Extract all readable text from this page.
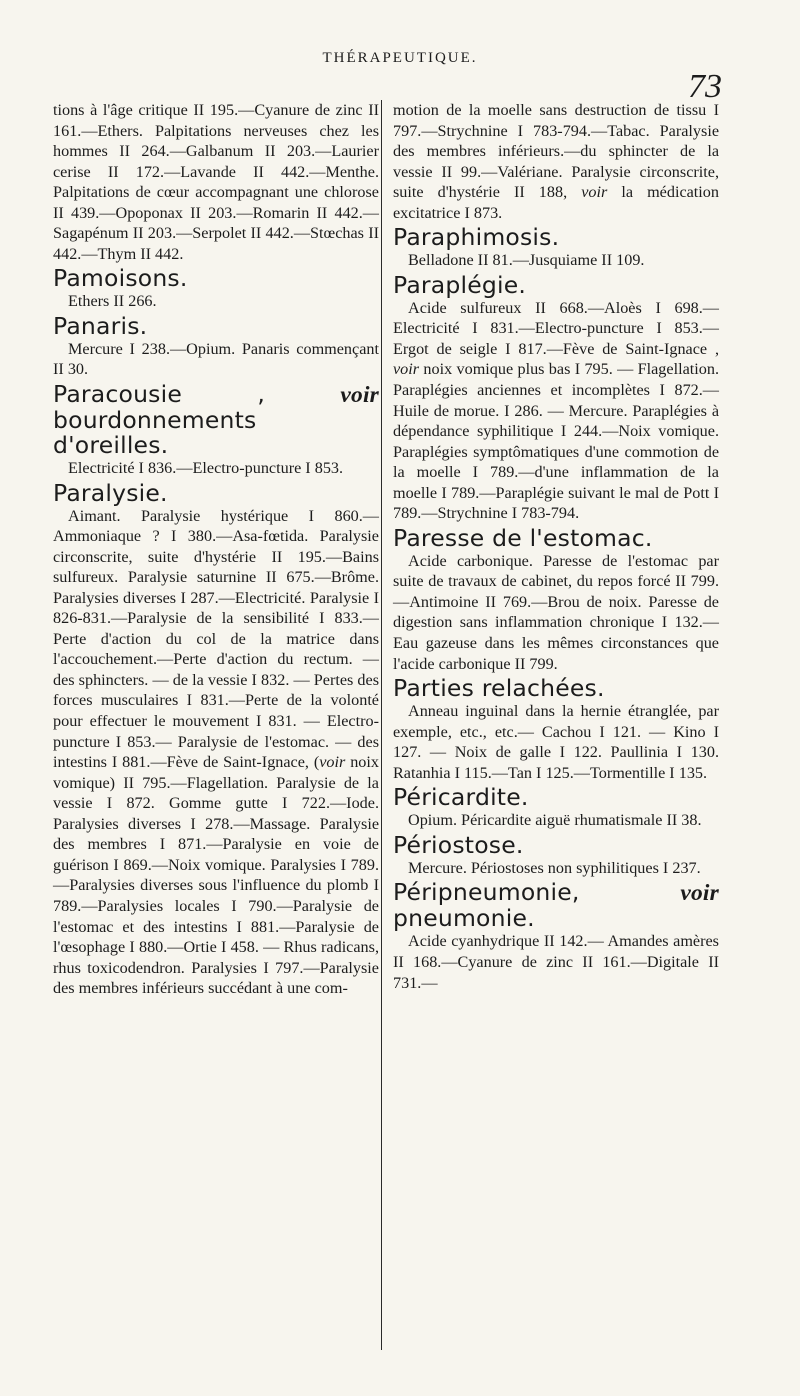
THÉRAPEUTIQUE.
73

tions à l'âge critique II 195.—Cyanure de zinc II 161.—Ethers. Palpitations nerveuses chez les hommes II 264.—Galbanum II 203.—Laurier cerise II 172.—Lavande II 442.—Menthe. Palpitations de cœur accompagnant une chlorose II 439.—Opoponax II 203.—Romarin II 442.—Sagapénum II 203.—Serpolet II 442.—Stœchas II 442.—Thym II 442.

Pamoisons.

Ethers II 266.

Panaris.

Mercure I 238.—Opium. Panaris commençant II 30.

Paracousie ,	voir bourdonnements d'oreilles.

Electricité I 836.—Electro-puncture I 853.

Paralysie.

Aimant. Paralysie hystérique I 860.—Ammoniaque ? I 380.—Asa-fœtida. Paralysie circonscrite, suite d'hystérie II 195.—Bains sulfureux. Paralysie saturnine II 675.—Brôme. Paralysies diverses I 287.—Electricité. Paralysie I 826-831.—Paralysie de la sensibilité I 833.—Perte d'action du col de la matrice dans l'accouchement.—Perte d'action du rectum. — des sphincters. — de la vessie I 832. — Pertes des forces musculaires I 831.—Perte de la volonté pour effectuer le mouvement I 831. — Electro-puncture I 853.— Paralysie de l'estomac. — des intestins I 881.—Fève de Saint-Ignace, (voir noix vomique) II 795.—Flagellation. Paralysie de la vessie I 872. Gomme gutte I 722.—Iode. Paralysies diverses I 278.—Massage. Paralysie des membres I 871.—Paralysie en voie de guérison I 869.—Noix vomique. Paralysies I 789.—Paralysies diverses sous l'influence du plomb I 789.—Paralysies locales I 790.—Paralysie de l'estomac et des intestins I 881.—Paralysie de l'œsophage I 880.—Ortie I 458. — Rhus radicans, rhus toxicodendron. Paralysies I 797.—Paralysie des membres inférieurs succédant à une com-

motion de la moelle sans destruction de tissu I 797.—Strychnine I 783-794.—Tabac. Paralysie des membres inférieurs.—du sphincter de la vessie II 99.—Valériane. Paralysie circonscrite, suite d'hystérie II 188, voir la médication excitatrice I 873.

Paraphimosis.

Belladone II 81.—Jusquiame II 109.

Paraplégie.

Acide sulfureux II 668.—Aloès I 698.—Electricité I 831.—Electro-puncture I 853.—Ergot de seigle I 817.—Fève de Saint-Ignace , voir noix vomique plus bas I 795. — Flagellation. Paraplégies anciennes et incomplètes I 872.—Huile de morue. I 286. — Mercure. Paraplégies à dépendance syphilitique I 244.—Noix vomique. Paraplégies symptômatiques d'une commotion de la moelle I 789.—d'une inflammation de la moelle I 789.—Paraplégie suivant le mal de Pott I 789.—Strychnine I 783-794.

Paresse de l'estomac.

Acide carbonique. Paresse de l'estomac par suite de travaux de cabinet, du repos forcé II 799.—Antimoine II 769.—Brou de noix. Paresse de digestion sans inflammation chronique I 132.—Eau gazeuse dans les mêmes circonstances que l'acide carbonique II 799.

Parties relachées.

Anneau inguinal dans la hernie étranglée, par exemple, etc., etc.— Cachou I 121. — Kino I 127. — Noix de galle I 122. Paullinia I 130. Ratanhia I 115.—Tan I 125.—Tormentille I 135.

Péricardite.

Opium. Péricardite aiguë rhumatismale II 38.

Périostose.

Mercure. Périostoses non syphilitiques I 237.

Péripneumonie,	voir pneumonie.

Acide cyanhydrique II 142.— Amandes amères II 168.—Cyanure de zinc II 161.—Digitale II 731.—
